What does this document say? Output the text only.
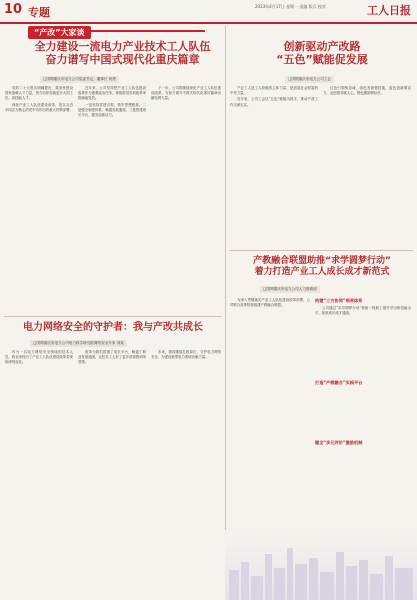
10 专题	2023年4月17日 星期一 责编 版式 校对	工人日报
“产改”大家谈
全力建设一流电力产业技术工人队伍
奋力谱写中国式现代化重庆篇章
□国网重庆市电力公司党委书记、董事长 何勇

党的二十大报告明确提出，要加快建设国家战略人才力量，努力培养造就更多大国工匠、高技能人才。

深化产业工人队伍建设改革，是以习近平同志为核心的党中央作出的重大决策部署。

近年来，公司坚持把产业工人队伍建设改革作为重要政治任务，持续推进各项改革举措落地见效。

一是坚持党建引领，筑牢思想根基。二是健全制度体系，畅通发展通道。三是搭建成长平台，激发创新活力。

下一步，公司将继续深化产业工人队伍建设改革，为奋力谱写中国式现代化重庆篇章贡献电网力量。

创新驱动产改路
“五色”赋能促发展
□国网重庆市电力公司工会

产业工人是工人阶级的主体力量，是创造社会财富的中坚力量。

近年来，公司工会以“五色”赋能为抓手，推动产改工作走深走实。

红色引领铸忠诚，绿色发展强技能，蓝色创新增活力，金色服务暖人心，橙色激励树标杆。

产教融合联盟助推“求学圆梦行动”
着力打造产业工人成长成才新范式
□国网重庆市电力公司人力资源部
构建“三方协同”培养体系

为深入贯彻落实产业工人队伍建设改革部署，公司联合高等院校组建产教融合联盟。

公司通过“求学圆梦行动”帮助一线职工提升学历和技能水平，拓宽成长成才通道。

打造“产教融合”实践平台
健全“多元评价”激励机制
电力网络安全的守护者：我与产改共成长
□国网重庆市电力公司电力科学研究院网络安全专家 刘某

作为一名电力网络安全领域的技术人员，我亲身经历了产业工人队伍建设改革带来的深刻变化。

改革为我们搭建了成长平台，畅通了职业发展通道，让技术工人有了更多获得感和荣誉感。

未来，我将继续扎根岗位，守护电力网络安全，为建设新型电力系统贡献力量。
